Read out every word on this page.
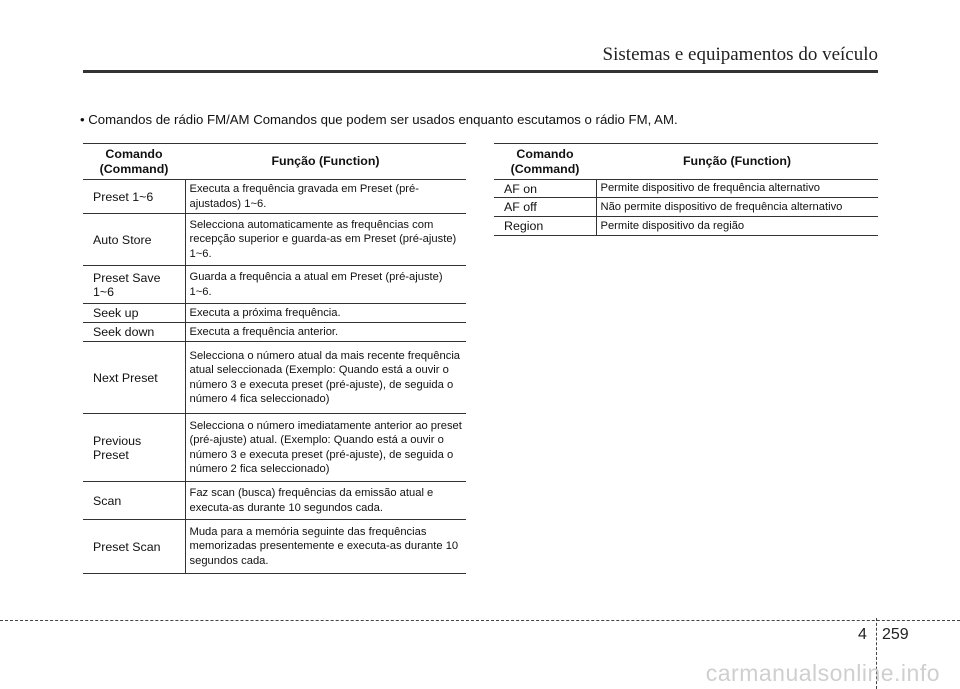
Sistemas e equipamentos do veículo
• Comandos de rádio FM/AM Comandos que podem ser usados enquanto escutamos o rádio FM, AM.
Comando
(Command)	Função (Function)
Preset 1~6	Executa a frequência gravada em Preset (pré-ajustados) 1~6.
Auto Store	Selecciona automaticamente as frequências com recepção superior e guarda-as em Preset (pré-ajuste) 1~6.
Preset Save
1~6	Guarda a frequência a atual em Preset (pré-ajuste) 1~6.
Seek up	Executa a próxima frequência.
Seek down	Executa a frequência anterior.
Next Preset	Selecciona o número atual da mais recente frequência atual seleccionada (Exemplo: Quando está a ouvir o número 3 e executa preset (pré-ajuste), de seguida o número 4 fica seleccionado)
Previous
Preset	Selecciona o número imediatamente anterior ao preset (pré-ajuste) atual. (Exemplo: Quando está a ouvir o número 3 e executa preset (pré-ajuste), de seguida o número 2 fica seleccionado)
Scan	Faz scan (busca) frequências da emissão atual e executa-as durante 10 segundos cada.
Preset Scan	Muda para a memória seguinte das frequências memorizadas presentemente e executa-as durante 10 segundos cada.
Comando
(Command)	Função (Function)
AF on	Permite dispositivo de frequência alternativo
AF off	Não permite dispositivo de frequência alternativo
Region	Permite dispositivo da região
4 259
carmanualsonline.info
